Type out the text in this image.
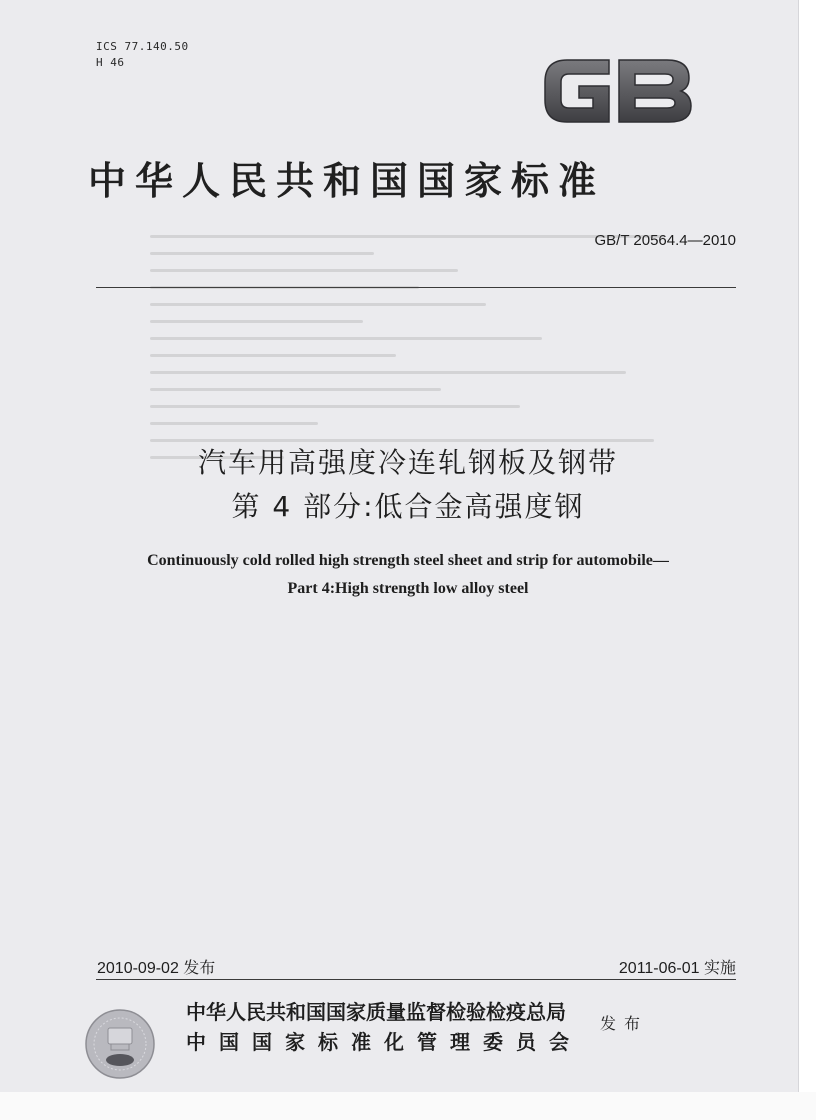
ICS 77.140.50
H 46
中华人民共和国国家标准
GB/T 20564.4—2010
汽车用高强度冷连轧钢板及钢带
第 4 部分:低合金高强度钢
Continuously cold rolled high strength steel sheet and strip for automobile—
Part 4:High strength low alloy steel
2010-09-02 发布	2011-06-01 实施
中华人民共和国国家质量监督检验检疫总局
中国国家标准化管理委员会
发布
